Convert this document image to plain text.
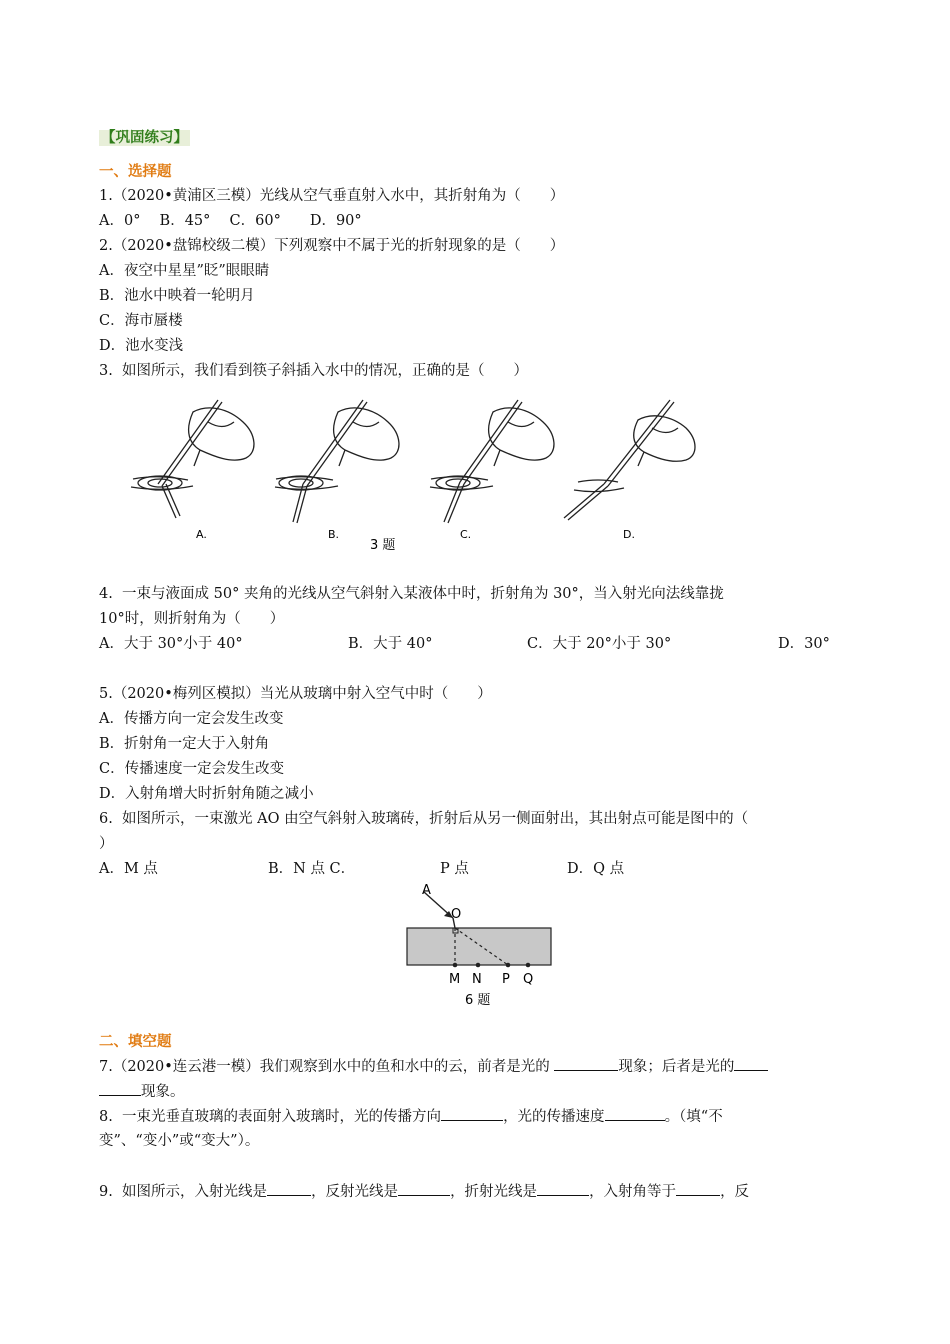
【巩固练习】
一、选择题
1.（2020•黄浦区三模）光线从空气垂直射入水中，其折射角为（　　）
A．0°　 B．45°　 C．60°　　D．90°
2.（2020•盘锦校级二模）下列观察中不属于光的折射现象的是（　　）
A．夜空中星星”眨”眼眼睛
B．池水中映着一轮明月
C．海市蜃楼
D．池水变浅
3.  如图所示，我们看到筷子斜插入水中的情况，正确的是（　　）
A.	B.	C.	D.
3 题
4.  一束与液面成 50° 夹角的光线从空气斜射入某液体中时，折射角为 30°，当入射光向法线靠拢
10°时，则折射角为（　　）
A．大于 30°小于 40°	B．大于 40°	C．大于 20°小于 30°	D．30°
5.（2020•梅列区模拟）当光从玻璃中射入空气中时（　　）
A．传播方向一定会发生改变
B．折射角一定大于入射角
C．传播速度一定会发生改变
D．入射角增大时折射角随之减小
6.  如图所示，一束激光 AO 由空气斜射入玻璃砖，折射后从另一侧面射出，其出射点可能是图中的（
）
A．M 点	B．N 点 C．	P 点	D．Q 点
A
O
M N P Q
6 题
二、填空题
7.（2020•连云港一模）我们观察到水中的鱼和水中的云，前者是光的	现象；后者是光的
现象。
8.  一束光垂直玻璃的表面射入玻璃时，光的传播方向	，光的传播速度	。（填“不
变”、“变小”或“变大”）。
9.  如图所示，入射光线是	，反射光线是	，折射光线是	，入射角等于	，反
